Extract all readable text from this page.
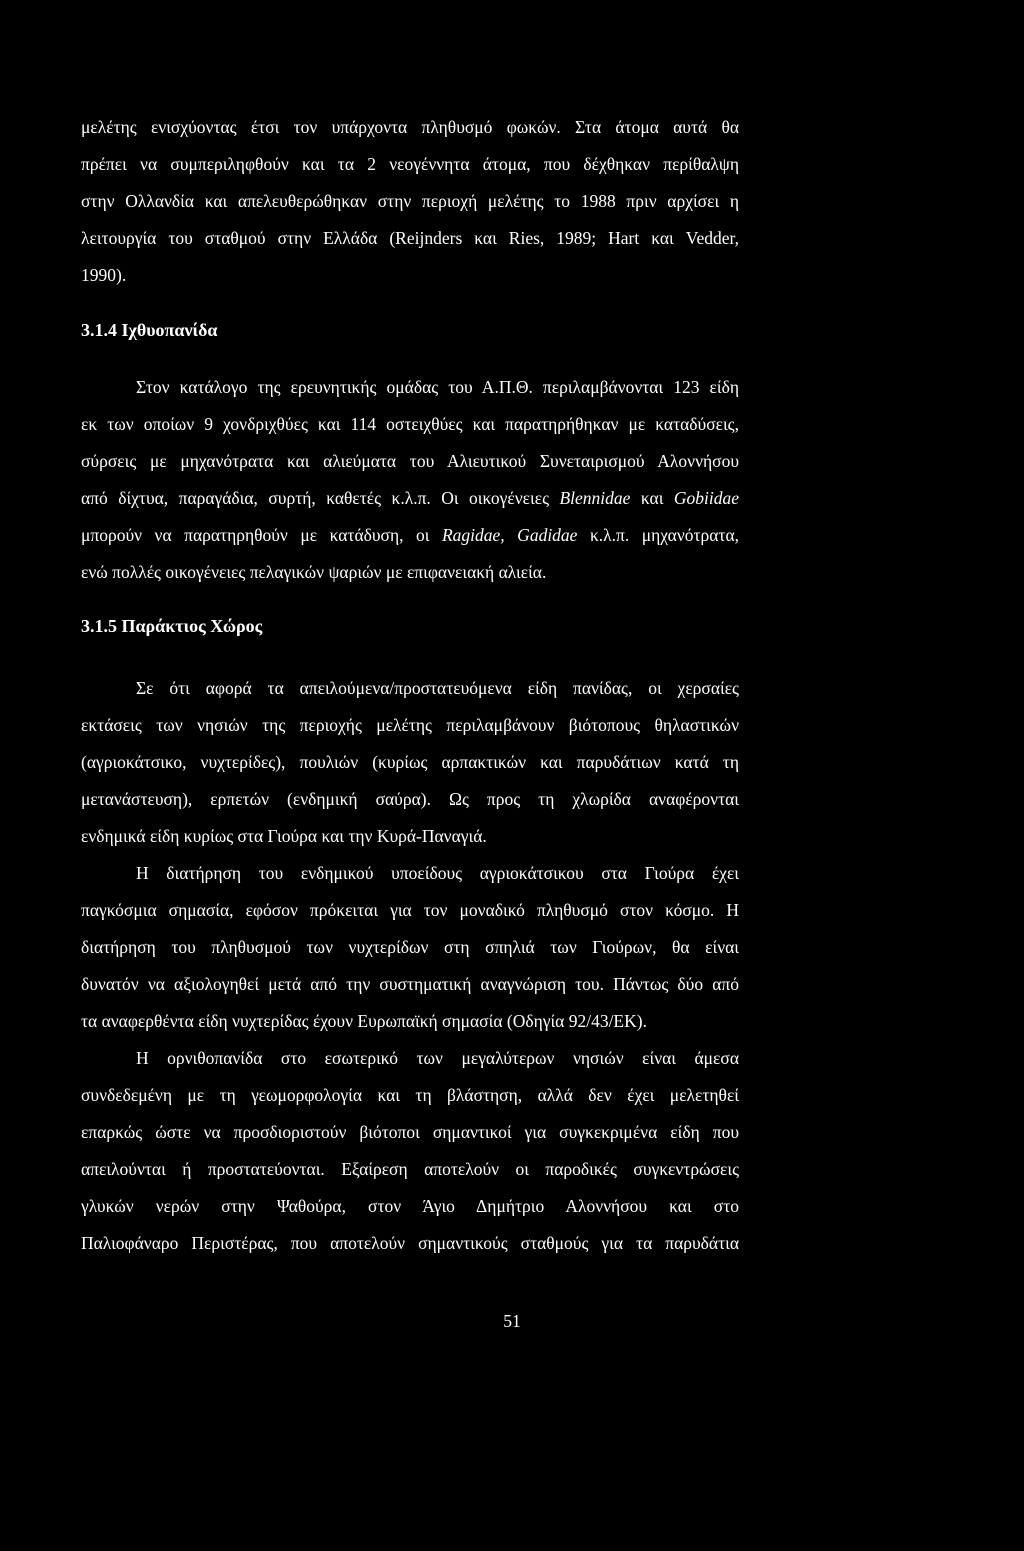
μελέτης ενισχύοντας έτσι τον υπάρχοντα πληθυσμό φωκών. Στα άτομα αυτά θα
πρέπει να συμπεριληφθούν και τα 2 νεογέννητα άτομα, που δέχθηκαν περίθαλψη
στην Ολλανδία και απελευθερώθηκαν στην περιοχή μελέτης το 1988 πριν αρχίσει η
λειτουργία του σταθμού στην Ελλάδα (Reijnders και Ries, 1989; Hart και Vedder,
1990).
3.1.4 Ιχθυοπανίδα
Στον κατάλογο της ερευνητικής ομάδας του Α.Π.Θ. περιλαμβάνονται 123 είδη
εκ των οποίων 9 χονδριχθύες και 114 οστειχθύες και παρατηρήθηκαν με καταδύσεις,
σύρσεις με μηχανότρατα και αλιεύματα του Αλιευτικού Συνεταιρισμού Αλοννήσου
από δίχτυα, παραγάδια, συρτή, καθετές κ.λ.π. Οι οικογένειες Blennidae και Gobiidae
μπορούν να παρατηρηθούν με κατάδυση, οι Ragidae, Gadidae κ.λ.π. μηχανότρατα,
ενώ πολλές οικογένειες πελαγικών ψαριών με επιφανειακή αλιεία.
3.1.5 Παράκτιος Χώρος
Σε ότι αφορά τα απειλούμενα/προστατευόμενα είδη πανίδας, οι χερσαίες
εκτάσεις των νησιών της περιοχής μελέτης περιλαμβάνουν βιότοπους θηλαστικών
(αγριοκάτσικο, νυχτερίδες), πουλιών (κυρίως αρπακτικών και παρυδάτιων κατά τη
μετανάστευση), ερπετών (ενδημική σαύρα). Ως προς τη χλωρίδα αναφέρονται
ενδημικά είδη κυρίως στα Γιούρα και την Κυρά-Παναγιά.
Η διατήρηση του ενδημικού υποείδους αγριοκάτσικου στα Γιούρα έχει
παγκόσμια σημασία, εφόσον πρόκειται για τον μοναδικό πληθυσμό στον κόσμο. Η
διατήρηση του πληθυσμού των νυχτερίδων στη σπηλιά των Γιούρων, θα είναι
δυνατόν να αξιολογηθεί μετά από την συστηματική αναγνώριση του. Πάντως δύο από
τα αναφερθέντα είδη νυχτερίδας έχουν Ευρωπαϊκή σημασία (Οδηγία 92/43/ΕΚ).
Η ορνιθοπανίδα στο εσωτερικό των μεγαλύτερων νησιών είναι άμεσα
συνδεδεμένη με τη γεωμορφολογία και τη βλάστηση, αλλά δεν έχει μελετηθεί
επαρκώς ώστε να προσδιοριστούν βιότοποι σημαντικοί για συγκεκριμένα είδη που
απειλούνται ή προστατεύονται. Εξαίρεση αποτελούν οι παροδικές συγκεντρώσεις
γλυκών νερών στην Ψαθούρα, στον Άγιο Δημήτριο Αλοννήσου και στο
Παλιοφάναρο Περιστέρας, που αποτελούν σημαντικούς σταθμούς για τα παρυδάτια
51
